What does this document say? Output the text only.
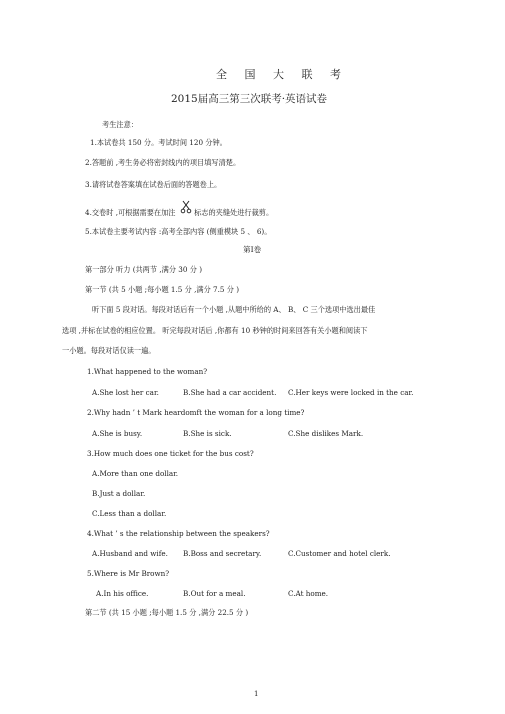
全 国 大 联 考
2015届高三第三次联考·英语试卷
考生注意：
1.本试卷共 150 分。考试时间 120 分钟。
2.答题前 ,考生务必将密封线内的项目填写清楚。
3.请将试卷答案填在试卷后面的答题卷上。
4.交卷时 ,可根据需要在加注	标志的夹缝处进行裁剪。
5.本试卷主要考试内容 :高考全部内容 (侧重模块 5 、 6)。
第Ⅰ卷
第一部分 听力 (共两节 ,满分 30 分 )
第一节 (共 5 小题 ;每小题 1.5 分 ,满分 7.5 分 )
听下面 5 段对话。每段对话后有一个小题 ,从题中所给的 A、 B、 C 三个选项中选出最佳
选项 ,并标在试卷的相应位置。 听完每段对话后 ,你都有 10 秒钟的时间来回答有关小题和阅读下
一小题。每段对话仅读一遍。
1.What happened to the woman?
A.She lost her car.	B.She had a car accident. C.Her keys were locked in the car.
2.Why hadn ’ t Mark heardomft the woman for a long time?
A.She is busy.	B.She is sick.	C.She dislikes Mark.
3.How much does one ticket for the bus cost?
A.More than one dollar.
B.Just a dollar.
C.Less than a dollar.
4.What ’ s the relationship between the speakers?
A.Husband and wife. B.Boss and secretary.	C.Customer and hotel clerk.
5.Where is Mr Brown?
A.In his office.	B.Out for a meal.	C.At home.
第二节 (共 15 小题 ;每小题 1.5 分 ,满分 22.5 分 )
1
